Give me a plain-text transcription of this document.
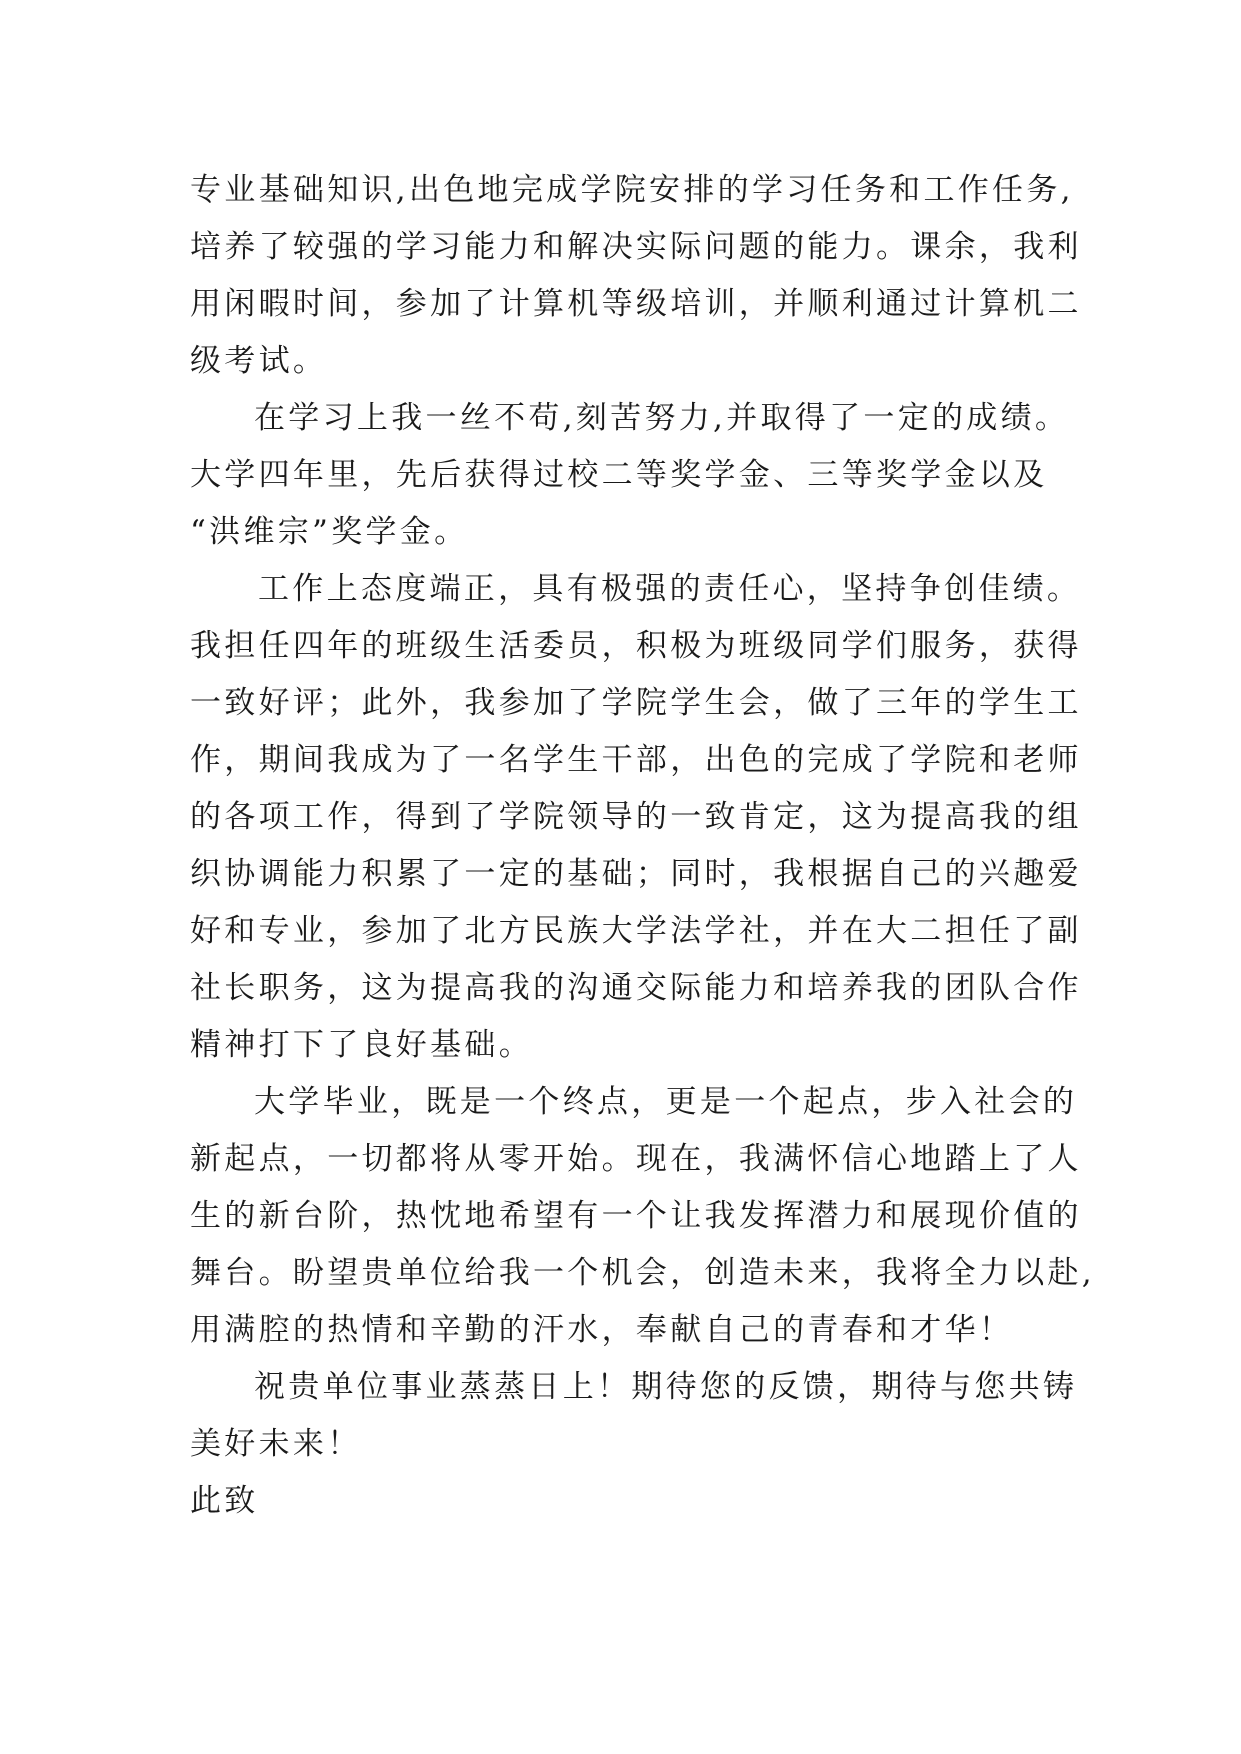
专业基础知识,出色地完成学院安排的学习任务和工作任务,
培养了较强的学习能力和解决实际问题的能力。课余，我利
用闲暇时间，参加了计算机等级培训，并顺利通过计算机二
级考试。
在学习上我一丝不苟,刻苦努力,并取得了一定的成绩。
大学四年里，先后获得过校二等奖学金、三等奖学金以及
“洪维宗”奖学金。
工作上态度端正，具有极强的责任心，坚持争创佳绩。
我担任四年的班级生活委员，积极为班级同学们服务，获得
一致好评；此外，我参加了学院学生会，做了三年的学生工
作，期间我成为了一名学生干部，出色的完成了学院和老师
的各项工作，得到了学院领导的一致肯定，这为提高我的组
织协调能力积累了一定的基础；同时，我根据自己的兴趣爱
好和专业，参加了北方民族大学法学社，并在大二担任了副
社长职务，这为提高我的沟通交际能力和培养我的团队合作
精神打下了良好基础。
大学毕业，既是一个终点，更是一个起点，步入社会的
新起点，一切都将从零开始。现在，我满怀信心地踏上了人
生的新台阶，热忱地希望有一个让我发挥潜力和展现价值的
舞台。盼望贵单位给我一个机会，创造未来，我将全力以赴,
用满腔的热情和辛勤的汗水，奉献自己的青春和才华！
祝贵单位事业蒸蒸日上！期待您的反馈，期待与您共铸
美好未来！
此致
